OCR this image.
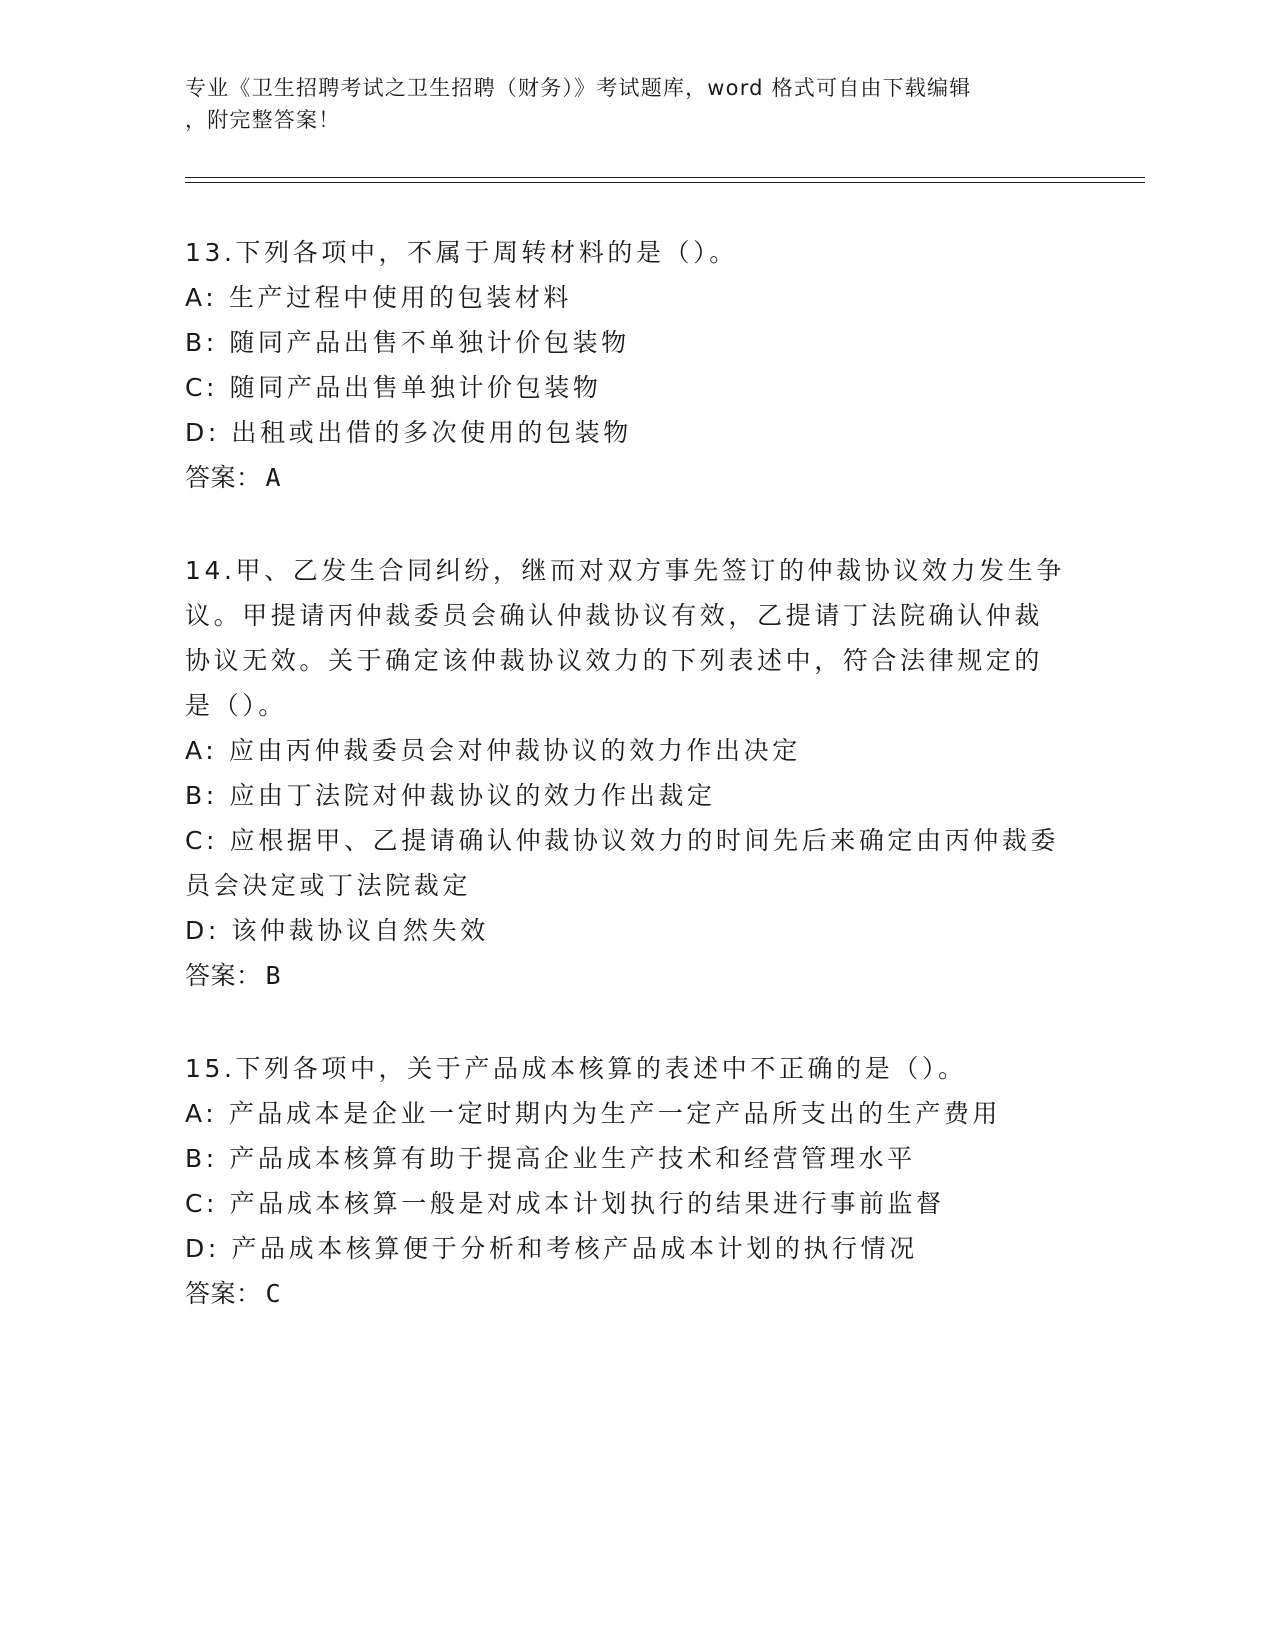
专业《卫生招聘考试之卫生招聘（财务）》考试题库，word 格式可自由下载编辑
，附完整答案！
13.下列各项中，不属于周转材料的是（）。
A: 生产过程中使用的包装材料
B: 随同产品出售不单独计价包装物
C: 随同产品出售单独计价包装物
D: 出租或出借的多次使用的包装物
答案： A
14.甲、乙发生合同纠纷，继而对双方事先签订的仲裁协议效力发生争
议。甲提请丙仲裁委员会确认仲裁协议有效，乙提请丁法院确认仲裁
协议无效。关于确定该仲裁协议效力的下列表述中，符合法律规定的
是（）。
A: 应由丙仲裁委员会对仲裁协议的效力作出决定
B: 应由丁法院对仲裁协议的效力作出裁定
C: 应根据甲、乙提请确认仲裁协议效力的时间先后来确定由丙仲裁委
员会决定或丁法院裁定
D: 该仲裁协议自然失效
答案： B
15.下列各项中，关于产品成本核算的表述中不正确的是（）。
A: 产品成本是企业一定时期内为生产一定产品所支出的生产费用
B: 产品成本核算有助于提高企业生产技术和经营管理水平
C: 产品成本核算一般是对成本计划执行的结果进行事前监督
D: 产品成本核算便于分析和考核产品成本计划的执行情况
答案： C
